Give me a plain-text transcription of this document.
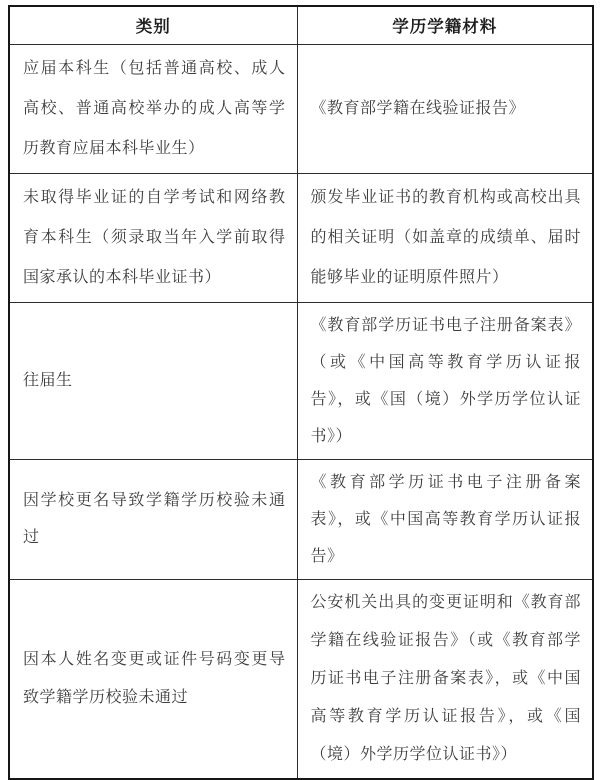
类别	学历学籍材料

应届本科生（包括普通高校、成人高校、普通高校举办的成人高等学历教育应届本科毕业生）	《教育部学籍在线验证报告》

未取得毕业证的自学考试和网络教育本科生（须录取当年入学前取得国家承认的本科毕业证书）	颁发毕业证书的教育机构或高校出具的相关证明（如盖章的成绩单、届时能够毕业的证明原件照片）

往届生	《教育部学历证书电子注册备案表》（或《中国高等教育学历认证报告》，或《国（境）外学历学位认证书》）

因学校更名导致学籍学历校验未通过	《教育部学历证书电子注册备案表》，或《中国高等教育学历认证报告》

因本人姓名变更或证件号码变更导致学籍学历校验未通过	公安机关出具的变更证明和《教育部学籍在线验证报告》（或《教育部学历证书电子注册备案表》，或《中国高等教育学历认证报告》，或《国（境）外学历学位认证书》）
